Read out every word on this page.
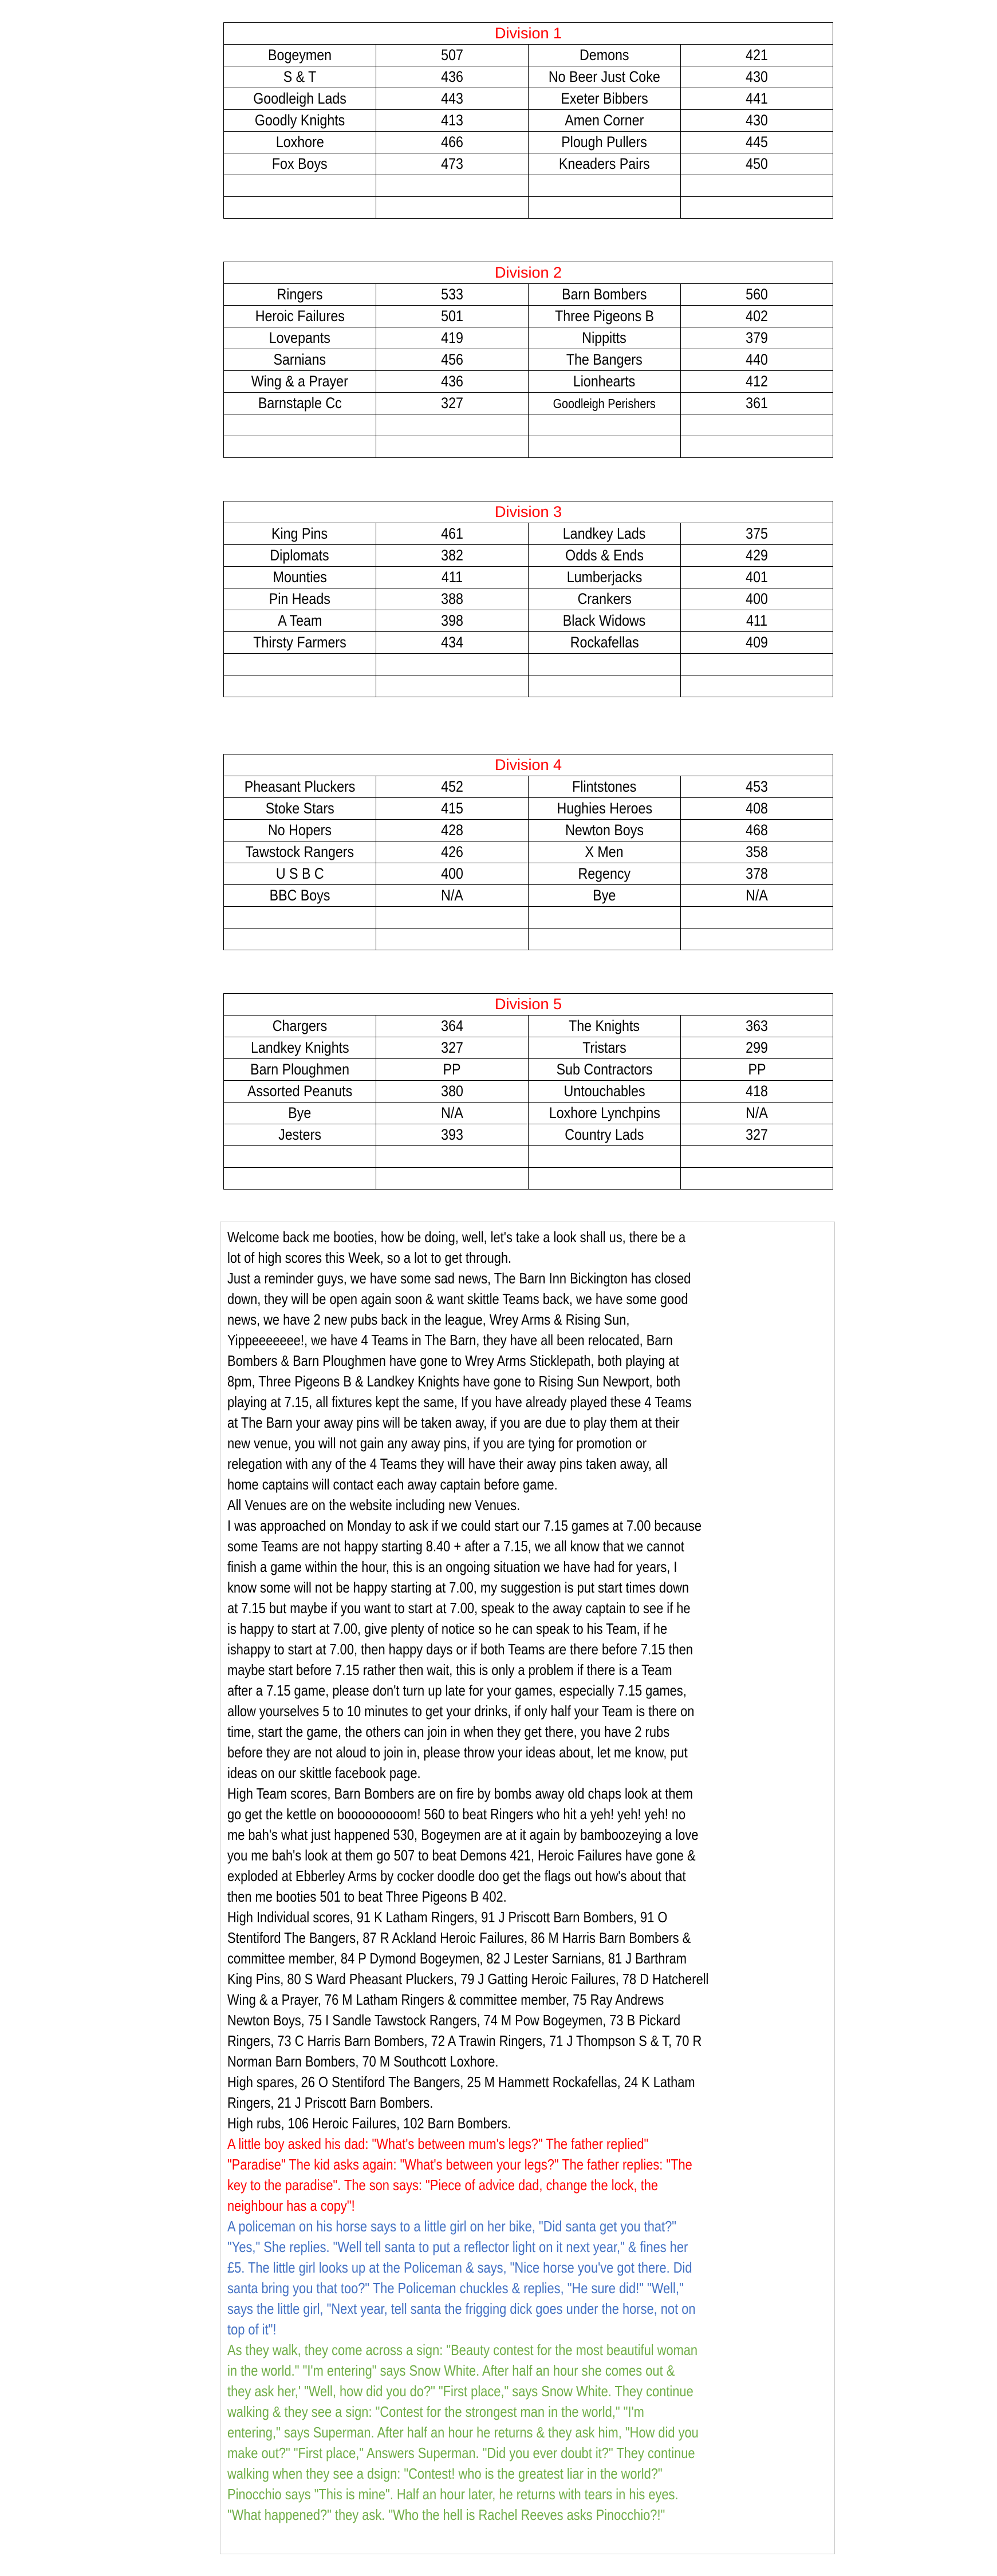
Division 1			
Bogeymen	507	Demons	421
S & T	436	No Beer Just Coke	430
Goodleigh Lads	443	Exeter Bibbers	441
Goodly Knights	413	Amen Corner	430
Loxhore	466	Plough Pullers	445
Fox Boys	473	Kneaders Pairs	450

Division 2			
Ringers	533	Barn Bombers	560
Heroic Failures	501	Three Pigeons B	402
Lovepants	419	Nippitts	379
Sarnians	456	The Bangers	440
Wing & a Prayer	436	Lionhearts	412
Barnstaple Cc	327	Goodleigh Perishers	361

Division 3			
King Pins	461	Landkey Lads	375
Diplomats	382	Odds & Ends	429
Mounties	411	Lumberjacks	401
Pin Heads	388	Crankers	400
A Team	398	Black Widows	411
Thirsty Farmers	434	Rockafellas	409

Division 4			
Pheasant Pluckers	452	Flintstones	453
Stoke Stars	415	Hughies Heroes	408
No Hopers	428	Newton Boys	468
Tawstock Rangers	426	X Men	358
U S B C	400	Regency	378
BBC Boys	N/A	Bye	N/A

Division 5			
Chargers	364	The Knights	363
Landkey Knights	327	Tristars	299
Barn Ploughmen	PP	Sub Contractors	PP
Assorted Peanuts	380	Untouchables	418
Bye	N/A	Loxhore Lynchpins	N/A
Jesters	393	Country Lads	327

Welcome back me booties, how be doing, well, let's take a look shall us, there be a
lot of high scores this Week, so a lot to get through.
Just a reminder guys, we have some sad news, The Barn Inn Bickington has closed
down, they will be open again soon & want skittle Teams back, we have some good
news, we have 2 new pubs back in the league, Wrey Arms & Rising Sun,
Yippeeeeeee!, we have 4 Teams in The Barn, they have all been relocated, Barn
Bombers & Barn Ploughmen have gone to Wrey Arms Sticklepath, both playing at
8pm, Three Pigeons B & Landkey Knights have gone to Rising Sun Newport, both
playing at 7.15, all fixtures kept the same, If you have already played these 4 Teams
at The Barn your away pins will be taken away, if you are due to play them at their
new venue, you will not gain any away pins, if you are tying for promotion or
relegation with any of the 4 Teams they will have their away pins taken away, all
home captains will contact each away captain before game.
All Venues are on the website including new Venues.
I was approached on Monday to ask if we could start our 7.15 games at 7.00 because
some Teams are not happy starting 8.40 + after a 7.15, we all know that we cannot
finish a game within the hour, this is an ongoing situation we have had for years, I
know some will not be happy starting at 7.00, my suggestion is put start times down
at 7.15 but maybe if you want to start at 7.00, speak to the away captain to see if he
is happy to start at 7.00, give plenty of notice so he can speak to his Team, if he
ishappy to start at 7.00, then happy days or if both Teams are there before 7.15 then
maybe start before 7.15 rather then wait, this is only a problem if there is a Team
after a 7.15 game, please don't turn up late for your games, especially 7.15 games,
allow yourselves 5 to 10 minutes to get your drinks, if only half your Team is there on
time, start the game, the others can join in when they get there, you have 2 rubs
before they are not aloud to join in, please throw your ideas about, let me know, put
ideas on our skittle facebook page.
High Team scores, Barn Bombers are on fire by bombs away old chaps look at them
go get the kettle on booooooooom! 560 to beat Ringers who hit a yeh! yeh! yeh! no
me bah's what just happened 530, Bogeymen are at it again by bamboozeying a love
you me bah's look at them go 507 to beat Demons 421, Heroic Failures have gone &
exploded at Ebberley Arms by cocker doodle doo get the flags out how's about that
then me booties 501 to beat Three Pigeons B 402.
High Individual scores, 91 K Latham Ringers, 91 J Priscott Barn Bombers, 91 O
Stentiford The Bangers, 87 R Ackland Heroic Failures, 86 M Harris Barn Bombers &
committee member, 84 P Dymond Bogeymen, 82 J Lester Sarnians, 81 J Barthram
King Pins, 80 S Ward Pheasant Pluckers, 79 J Gatting Heroic Failures, 78 D Hatcherell
Wing & a Prayer, 76 M Latham Ringers & committee member, 75 Ray Andrews
Newton Boys, 75 I Sandle Tawstock Rangers, 74 M Pow Bogeymen, 73 B Pickard
Ringers, 73 C Harris Barn Bombers, 72 A Trawin Ringers, 71 J Thompson S & T, 70 R
Norman Barn Bombers, 70 M Southcott Loxhore.
High spares, 26 O Stentiford The Bangers, 25 M Hammett Rockafellas, 24 K Latham
Ringers, 21 J Priscott Barn Bombers.
High rubs, 106 Heroic Failures, 102 Barn Bombers.
A little boy asked his dad: "What's between mum's legs?" The father replied"
"Paradise" The kid asks again: "What's between your legs?" The father replies: "The
key to the paradise". The son says: "Piece of advice dad, change the lock, the
neighbour has a copy"!
A policeman on his horse says to a little girl on her bike, "Did santa get you that?"
"Yes," She replies. "Well tell santa to put a reflector light on it next year," & fines her
£5. The little girl looks up at the Policeman & says, "Nice horse you've got there. Did
santa bring you that too?" The Policeman chuckles & replies, "He sure did!" "Well,"
says the little girl, "Next year, tell santa the frigging dick goes under the horse, not on
top of it"!
As they walk, they come across a sign: "Beauty contest for the most beautiful woman
in the world." "I'm entering" says Snow White. After half an hour she comes out &
they ask her,' "Well, how did you do?" "First place," says Snow White. They continue
walking & they see a sign: "Contest for the strongest man in the world," "I'm
entering," says Superman. After half an hour he returns & they ask him, "How did you
make out?" "First place," Answers Superman. "Did you ever doubt it?" They continue
walking when they see a dsign: "Contest! who is the greatest liar in the world?"
Pinocchio says "This is mine". Half an hour later, he returns with tears in his eyes.
"What happened?" they ask. "Who the hell is Rachel Reeves asks Pinocchio?!"
